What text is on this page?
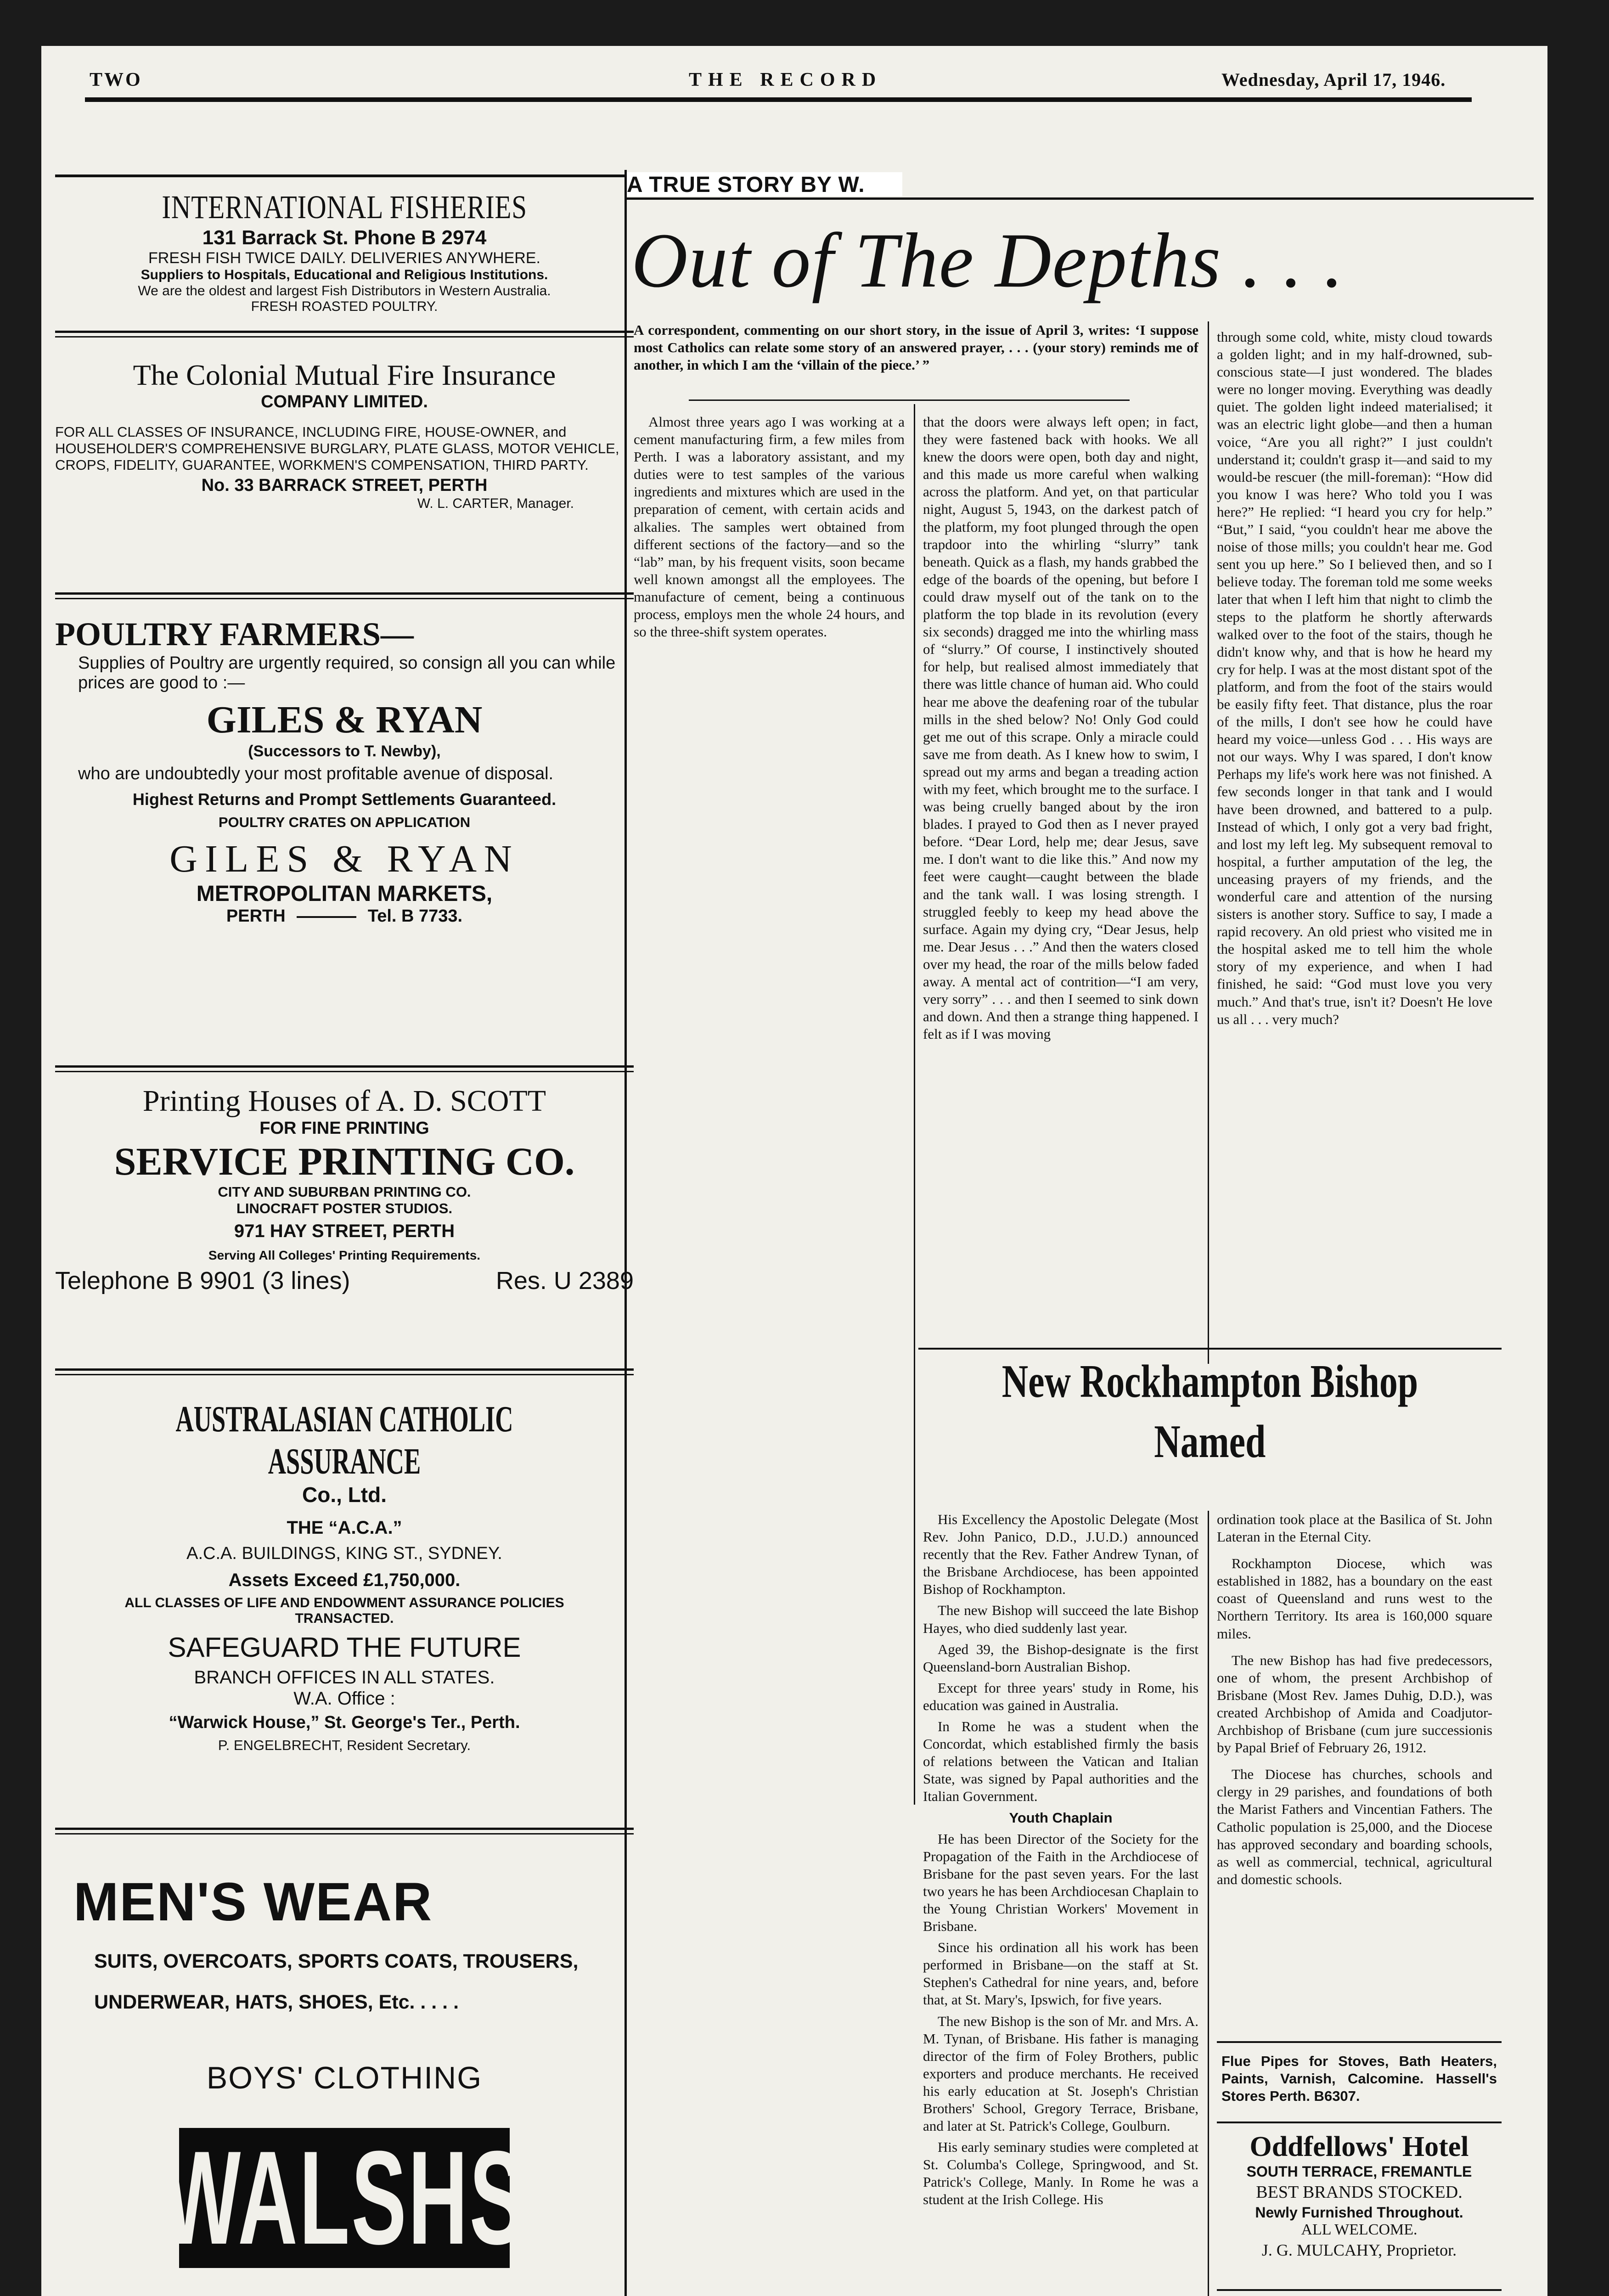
TWO	THE RECORD	Wednesday, April 17, 1946.
INTERNATIONAL FISHERIES
131 Barrack St. Phone B 2974
FRESH FISH TWICE DAILY. DELIVERIES ANYWHERE.
Suppliers to Hospitals, Educational and Religious Institutions.
We are the oldest and largest Fish Distributors in Western Australia.
FRESH ROASTED POULTRY.
The Colonial Mutual Fire Insurance
COMPANY LIMITED.
FOR ALL CLASSES OF INSURANCE, INCLUDING FIRE, HOUSE-OWNER, and HOUSEHOLDER'S COMPREHENSIVE BURGLARY, PLATE GLASS, MOTOR VEHICLE, CROPS, FIDELITY, GUARANTEE, WORKMEN'S COMPENSATION, THIRD PARTY.
No. 33 BARRACK STREET, PERTH
W. L. CARTER, Manager.
POULTRY FARMERS—
Supplies of Poultry are urgently required, so consign all you can while prices are good to :—
GILES & RYAN
(Successors to T. Newby),
who are undoubtedly your most profitable avenue of disposal.
Highest Returns and Prompt Settlements Guaranteed.
POULTRY CRATES ON APPLICATION
GILES & RYAN
METROPOLITAN MARKETS,
PERTH	Tel. B 7733.
Printing Houses of A. D. SCOTT
FOR FINE PRINTING
SERVICE PRINTING CO.
CITY AND SUBURBAN PRINTING CO.
LINOCRAFT POSTER STUDIOS.
971 HAY STREET, PERTH
Serving All Colleges' Printing Requirements.
Telephone B 9901 (3 lines)	Res. U 2389
AUSTRALASIAN CATHOLIC ASSURANCE
Co., Ltd.
THE “A.C.A.”
A.C.A. BUILDINGS, KING ST., SYDNEY.
Assets Exceed £1,750,000.
ALL CLASSES OF LIFE AND ENDOWMENT ASSURANCE POLICIES TRANSACTED.
SAFEGUARD THE FUTURE
BRANCH OFFICES IN ALL STATES.
W.A. Office :
“Warwick House,” St. George's Ter., Perth.
P. ENGELBRECHT, Resident Secretary.
MEN'S WEAR
SUITS, OVERCOATS, SPORTS COATS, TROUSERS,
UNDERWEAR, HATS, SHOES, Etc. . . . .
BOYS' CLOTHING
WALSHS
A TRUE STORY BY W.
Out of The Depths . . .
A correspondent, commenting on our short story, in the issue of April 3, writes: ‘I suppose most Catholics can relate some story of an answered prayer, . . . (your story) reminds me of another, in which I am the ‘villain of the piece.’ ”

Almost three years ago I was working at a cement manufacturing firm, a few miles from Perth. I was a laboratory assistant, and my duties were to test samples of the various ingredients and mixtures which are used in the preparation of cement, with certain acids and alkalies. The samples wert obtained from different sections of the factory—and so the “lab” man, by his frequent visits, soon became well known amongst all the employees. The manufacture of cement, being a continuous process, employs men the whole 24 hours, and so the three-shift system operates.

that the doors were always left open; in fact, they were fastened back with hooks. We all knew the doors were open, both day and night, and this made us more careful when walking across the platform. And yet, on that particular night, August 5, 1943, on the darkest patch of the platform, my foot plunged through the open trapdoor into the whirling “slurry” tank beneath. Quick as a flash, my hands grabbed the edge of the boards of the opening, but before I could draw myself out of the tank on to the platform the top blade in its revolution (every six seconds) dragged me into the whirling mass of “slurry.” Of course, I instinctively shouted for help, but realised almost immediately that there was little chance of human aid. Who could hear me above the deafening roar of the tubular mills in the shed below? No! Only God could get me out of this scrape. Only a miracle could save me from death. As I knew how to swim, I spread out my arms and began a treading action with my feet, which brought me to the surface. I was being cruelly banged about by the iron blades. I prayed to God then as I never prayed before. “Dear Lord, help me; dear Jesus, save me. I don't want to die like this.” And now my feet were caught—caught between the blade and the tank wall. I was losing strength. I struggled feebly to keep my head above the surface. Again my dying cry, “Dear Jesus, help me. Dear Jesus . . .” And then the waters closed over my head, the roar of the mills below faded away. A mental act of contrition—“I am very, very sorry” . . . and then I seemed to sink down and down. And then a strange thing happened. I felt as if I was moving

through some cold, white, misty cloud towards a golden light; and in my half-drowned, sub-conscious state—I just wondered. The blades were no longer moving. Everything was deadly quiet. The golden light indeed materialised; it was an electric light globe—and then a human voice, “Are you all right?” I just couldn't understand it; couldn't grasp it—and said to my would-be rescuer (the mill-foreman): “How did you know I was here? Who told you I was here?” He replied: “I heard you cry for help.” “But,” I said, “you couldn't hear me above the noise of those mills; you couldn't hear me. God sent you up here.” So I believed then, and so I believe today. The foreman told me some weeks later that when I left him that night to climb the steps to the platform he shortly afterwards walked over to the foot of the stairs, though he didn't know why, and that is how he heard my cry for help. I was at the most distant spot of the platform, and from the foot of the stairs would be easily fifty feet. That distance, plus the roar of the mills, I don't see how he could have heard my voice—unless God . . . His ways are not our ways. Why I was spared, I don't know Perhaps my life's work here was not finished. A few seconds longer in that tank and I would have been drowned, and battered to a pulp. Instead of which, I only got a very bad fright, and lost my left leg. My subsequent removal to hospital, a further amputation of the leg, the unceasing prayers of my friends, and the wonderful care and attention of the nursing sisters is another story. Suffice to say, I made a rapid recovery. An old priest who visited me in the hospital asked me to tell him the whole story of my experience, and when I had finished, he said: “God must love you very much.” And that's true, isn't it? Doesn't He love us all . . . very much?

New Rockhampton Bishop
Named

His Excellency the Apostolic Delegate (Most Rev. John Panico, D.D., J.U.D.) announced recently that the Rev. Father Andrew Tynan, of the Brisbane Archdiocese, has been appointed Bishop of Rockhampton.

The new Bishop will succeed the late Bishop Hayes, who died suddenly last year.

Aged 39, the Bishop-designate is the first Queensland-born Australian Bishop.

Except for three years' study in Rome, his education was gained in Australia.

In Rome he was a student when the Concordat, which established firmly the basis of relations between the Vatican and Italian State, was signed by Papal authorities and the Italian Government.

Youth Chaplain

He has been Director of the Society for the Propagation of the Faith in the Archdiocese of Brisbane for the past seven years. For the last two years he has been Archdiocesan Chaplain to the Young Christian Workers' Movement in Brisbane.

Since his ordination all his work has been performed in Brisbane—on the staff at St. Stephen's Cathedral for nine years, and, before that, at St. Mary's, Ipswich, for five years.

The new Bishop is the son of Mr. and Mrs. A. M. Tynan, of Brisbane. His father is managing director of the firm of Foley Brothers, public exporters and produce merchants. He received his early education at St. Joseph's Christian Brothers' School, Gregory Terrace, Brisbane, and later at St. Patrick's College, Goulburn.

His early seminary studies were completed at St. Columba's College, Springwood, and St. Patrick's College, Manly. In Rome he was a student at the Irish College. His

ordination took place at the Basilica of St. John Lateran in the Eternal City.

Rockhampton Diocese, which was established in 1882, has a boundary on the east coast of Queensland and runs west to the Northern Territory. Its area is 160,000 square miles.

The new Bishop has had five predecessors, one of whom, the present Archbishop of Brisbane (Most Rev. James Duhig, D.D.), was created Archbishop of Amida and Coadjutor-Archbishop of Brisbane (cum jure successionis by Papal Brief of February 26, 1912.

The Diocese has churches, schools and clergy in 29 parishes, and foundations of both the Marist Fathers and Vincentian Fathers. The Catholic population is 25,000, and the Diocese has approved secondary and boarding schools, as well as commercial, technical, agricultural and domestic schools.

Flue Pipes for Stoves, Bath Heaters, Paints, Varnish, Calcomine. Hassell's Stores Perth. B6307.
Oddfellows' Hotel
SOUTH TERRACE, FREMANTLE
BEST BRANDS STOCKED.
Newly Furnished Throughout.
ALL WELCOME.
J. G. MULCAHY, Proprietor.
